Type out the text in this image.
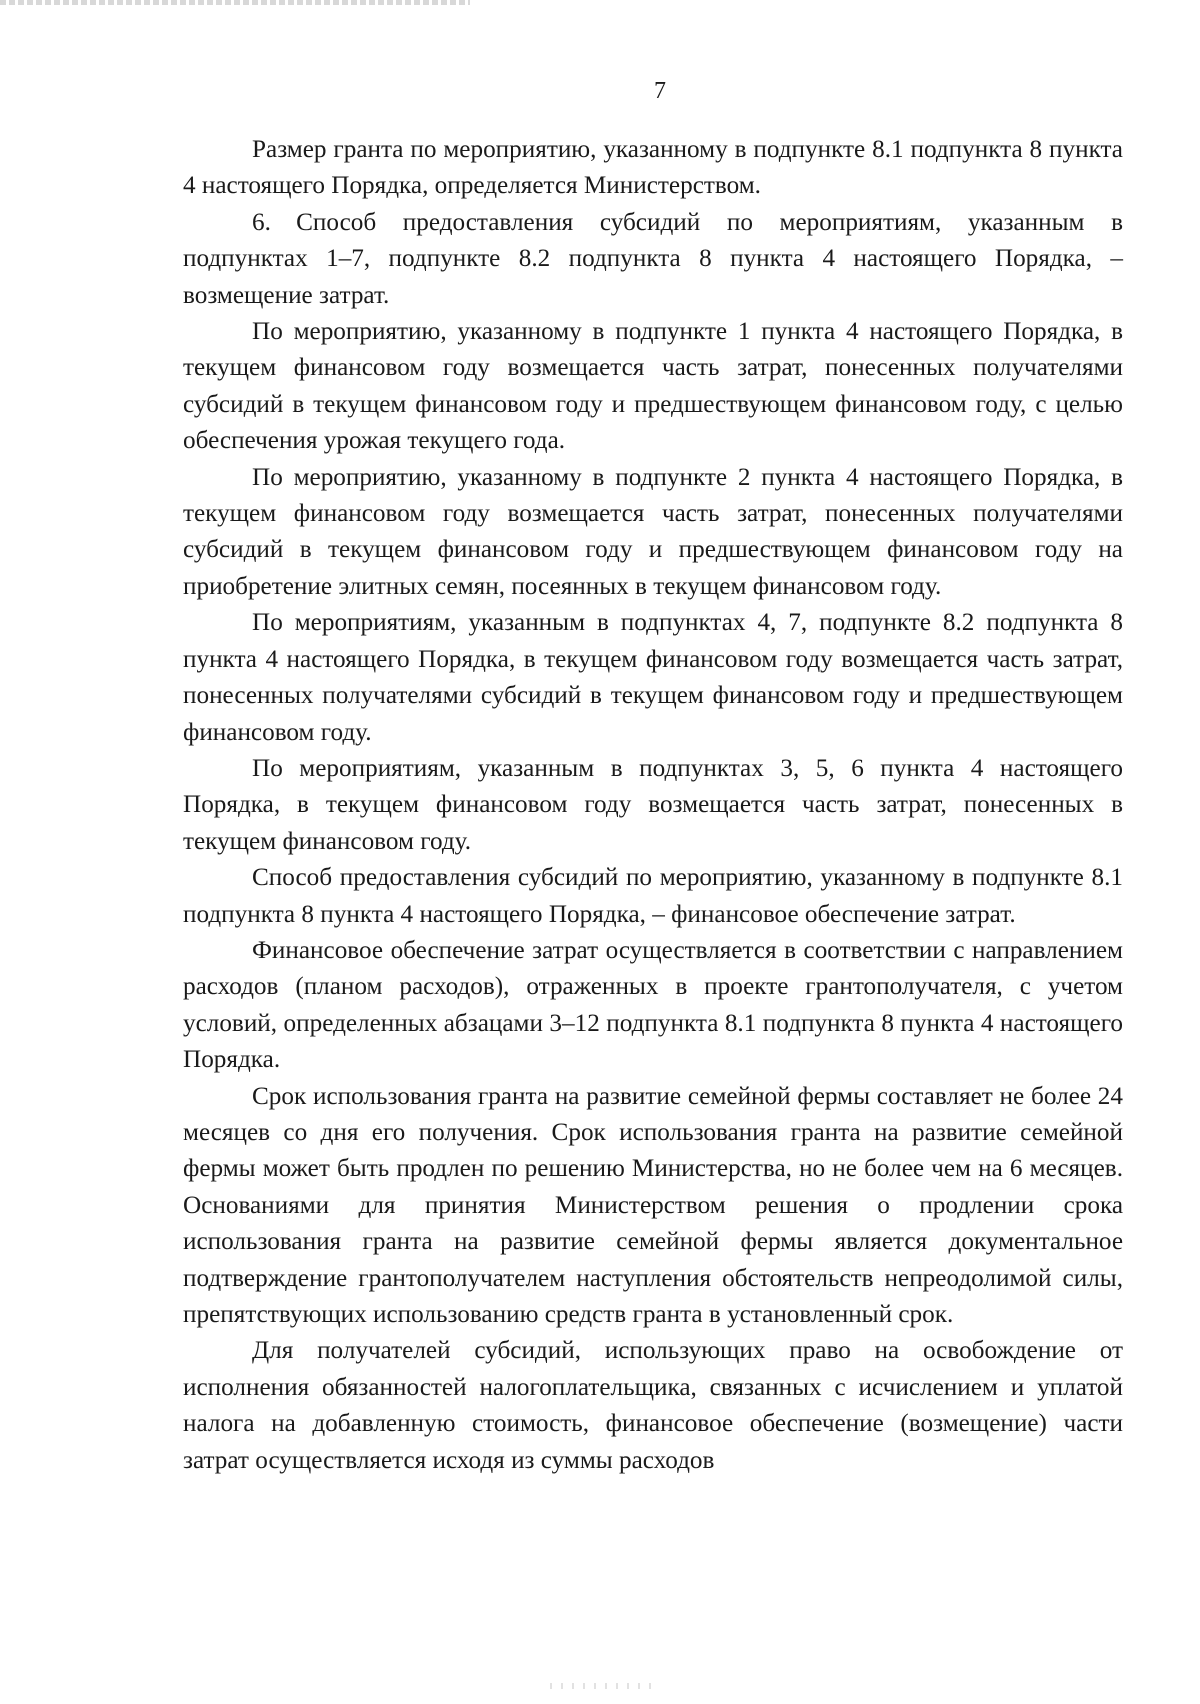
7

Размер гранта по мероприятию, указанному в подпункте 8.1 подпункта 8 пункта 4 настоящего Порядка, определяется Министерством.

6. Способ предоставления субсидий по мероприятиям, указанным в подпунктах 1–7, подпункте 8.2 подпункта 8 пункта 4 настоящего Порядка, – возмещение затрат.

По мероприятию, указанному в подпункте 1 пункта 4 настоящего Порядка, в текущем финансовом году возмещается часть затрат, понесенных получателями субсидий в текущем финансовом году и предшествующем финансовом году, с целью обеспечения урожая текущего года.

По мероприятию, указанному в подпункте 2 пункта 4 настоящего Порядка, в текущем финансовом году возмещается часть затрат, понесенных получателями субсидий в текущем финансовом году и предшествующем финансовом году на приобретение элитных семян, посеянных в текущем финансовом году.

По мероприятиям, указанным в подпунктах 4, 7, подпункте 8.2 подпункта 8 пункта 4 настоящего Порядка, в текущем финансовом году возмещается часть затрат, понесенных получателями субсидий в текущем финансовом году и предшествующем финансовом году.

По мероприятиям, указанным в подпунктах 3, 5, 6 пункта 4 настоящего Порядка, в текущем финансовом году возмещается часть затрат, понесенных в текущем финансовом году.

Способ предоставления субсидий по мероприятию, указанному в подпункте 8.1 подпункта 8 пункта 4 настоящего Порядка, – финансовое обеспечение затрат.

Финансовое обеспечение затрат осуществляется в соответствии с направлением расходов (планом расходов), отраженных в проекте грантополучателя, с учетом условий, определенных абзацами 3–12 подпункта 8.1 подпункта 8 пункта 4 настоящего Порядка.

Срок использования гранта на развитие семейной фермы составляет не более 24 месяцев со дня его получения. Срок использования гранта на развитие семейной фермы может быть продлен по решению Министерства, но не более чем на 6 месяцев. Основаниями для принятия Министерством решения о продлении срока использования гранта на развитие семейной фермы является документальное подтверждение грантополучателем наступления обстоятельств непреодолимой силы, препятствующих использованию средств гранта в установленный срок.

Для получателей субсидий, использующих право на освобождение от исполнения обязанностей налогоплательщика, связанных с исчислением и уплатой налога на добавленную стоимость, финансовое обеспечение (возмещение) части затрат осуществляется исходя из суммы расходов
